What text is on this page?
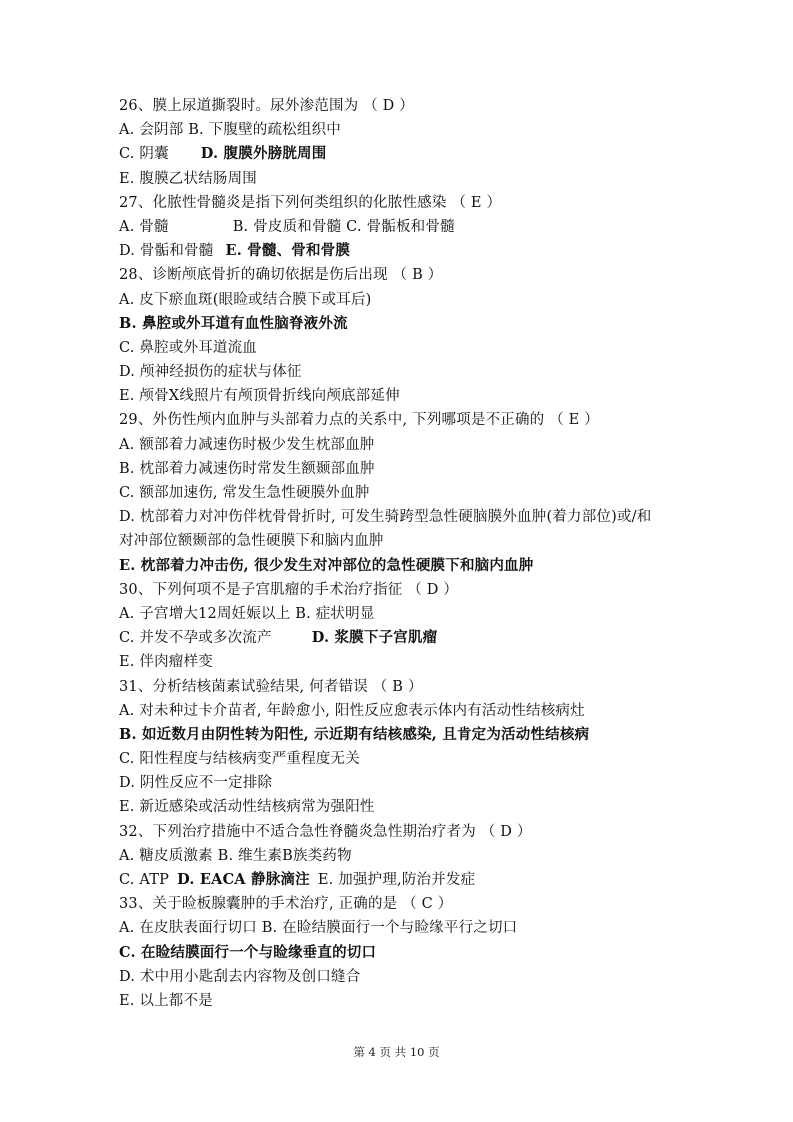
26、膜上尿道撕裂时。尿外渗范围为 （ D ）
A. 会阴部 B. 下腹壁的疏松组织中
C. 阴囊 D. 腹膜外膀胱周围
E. 腹膜乙状结肠周围
27、化脓性骨髓炎是指下列何类组织的化脓性感染 （ E ）
A. 骨髓	B. 骨皮质和骨髓 C. 骨骺板和骨髓
D. 骨骺和骨髓 E. 骨髓、骨和骨膜
28、诊断颅底骨折的确切依据是伤后出现 （ B ）
A. 皮下瘀血斑(眼睑或结合膜下或耳后)
B. 鼻腔或外耳道有血性脑脊液外流
C. 鼻腔或外耳道流血
D. 颅神经损伤的症状与体征
E. 颅骨X线照片有颅顶骨折线向颅底部延伸
29、外伤性颅内血肿与头部着力点的关系中, 下列哪项是不正确的 （ E ）
A. 额部着力减速伤时极少发生枕部血肿
B. 枕部着力减速伤时常发生额颞部血肿
C. 额部加速伤, 常发生急性硬膜外血肿
D. 枕部着力对冲伤伴枕骨骨折时, 可发生骑跨型急性硬脑膜外血肿(着力部位)或/和
对冲部位额颞部的急性硬膜下和脑内血肿
E. 枕部着力冲击伤, 很少发生对冲部位的急性硬膜下和脑内血肿
30、下列何项不是子宫肌瘤的手术治疗指征 （ D ）
A. 子宫增大12周妊娠以上 B. 症状明显
C. 并发不孕或多次流产	D. 浆膜下子宫肌瘤
E. 伴肉瘤样变
31、分析结核菌素试验结果, 何者错误 （ B ）
A. 对未种过卡介苗者, 年龄愈小, 阳性反应愈表示体内有活动性结核病灶
B. 如近数月由阴性转为阳性, 示近期有结核感染, 且肯定为活动性结核病
C. 阳性程度与结核病变严重程度无关
D. 阴性反应不一定排除
E. 新近感染或活动性结核病常为强阳性
32、下列治疗措施中不适合急性脊髓炎急性期治疗者为 （ D ）
A. 糖皮质激素 B. 维生素B族类药物
C. ATP D. EACA 静脉滴注 E. 加强护理,防治并发症
33、关于睑板腺囊肿的手术治疗, 正确的是 （ C ）
A. 在皮肤表面行切口 B. 在睑结膜面行一个与睑缘平行之切口
C. 在睑结膜面行一个与睑缘垂直的切口
D. 术中用小匙刮去内容物及创口缝合
E. 以上都不是
第 4 页 共 10 页
